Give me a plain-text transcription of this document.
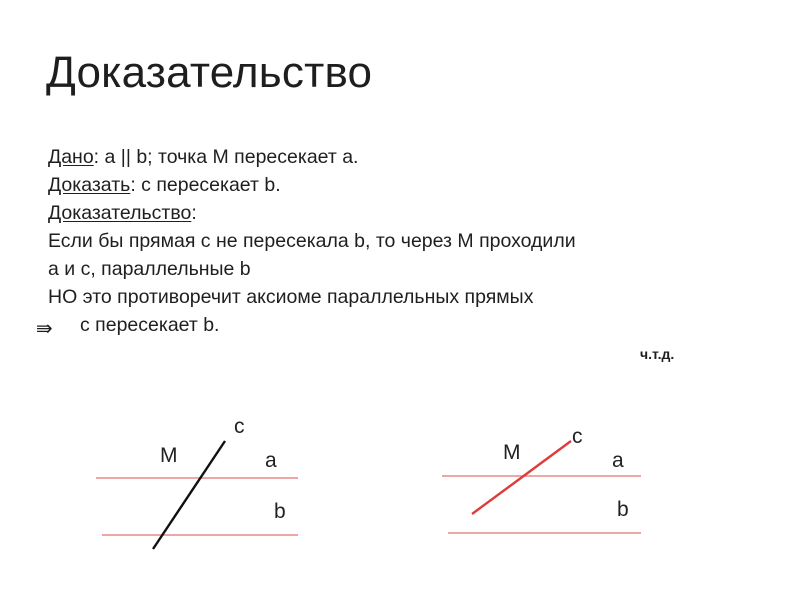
Доказательство
Дано: a || b; точка М пересекает a.
Доказать: c пересекает b.
Доказательство:
Если бы прямая c не пересекала b, то через М проходили
a и c, параллельные b
НО это противоречит аксиоме параллельных прямых
⇛ c пересекает b.
ч.т.д.
c
M	a
b
c
M	a
b
